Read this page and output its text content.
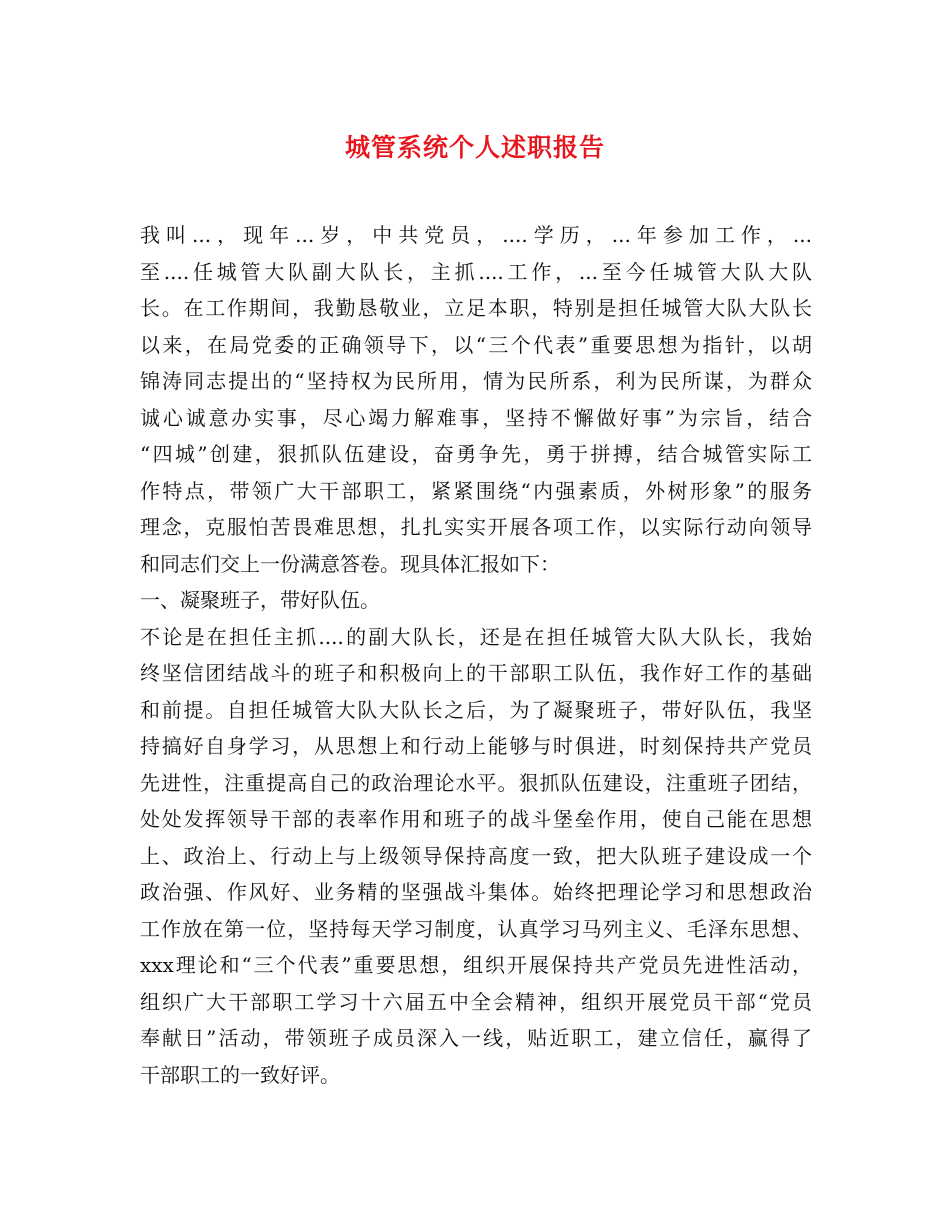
城管系统个人述职报告
我叫...，现年...岁，中共党员，....学历，...年参加工作，...
至....任城管大队副大队长，主抓....工作，...至今任城管大队大队
长。在工作期间，我勤恳敬业，立足本职，特别是担任城管大队大队长
以来，在局党委的正确领导下，以“三个代表”重要思想为指针，以胡
锦涛同志提出的“坚持权为民所用，情为民所系，利为民所谋，为群众
诚心诚意办实事，尽心竭力解难事，坚持不懈做好事”为宗旨，结合
“四城”创建，狠抓队伍建设，奋勇争先，勇于拼搏，结合城管实际工
作特点，带领广大干部职工，紧紧围绕“内强素质，外树形象”的服务
理念，克服怕苦畏难思想，扎扎实实开展各项工作，以实际行动向领导
和同志们交上一份满意答卷。现具体汇报如下：
一、凝聚班子，带好队伍。
不论是在担任主抓....的副大队长，还是在担任城管大队大队长，我始
终坚信团结战斗的班子和积极向上的干部职工队伍，我作好工作的基础
和前提。自担任城管大队大队长之后，为了凝聚班子，带好队伍，我坚
持搞好自身学习，从思想上和行动上能够与时俱进，时刻保持共产党员
先进性，注重提高自己的政治理论水平。狠抓队伍建设，注重班子团结，
处处发挥领导干部的表率作用和班子的战斗堡垒作用，使自己能在思想
上、政治上、行动上与上级领导保持高度一致，把大队班子建设成一个
政治强、作风好、业务精的坚强战斗集体。始终把理论学习和思想政治
工作放在第一位，坚持每天学习制度，认真学习马列主义、毛泽东思想、
xxx理论和“三个代表”重要思想，组织开展保持共产党员先进性活动，
组织广大干部职工学习十六届五中全会精神，组织开展党员干部“党员
奉献日”活动，带领班子成员深入一线，贴近职工，建立信任，赢得了
干部职工的一致好评。
